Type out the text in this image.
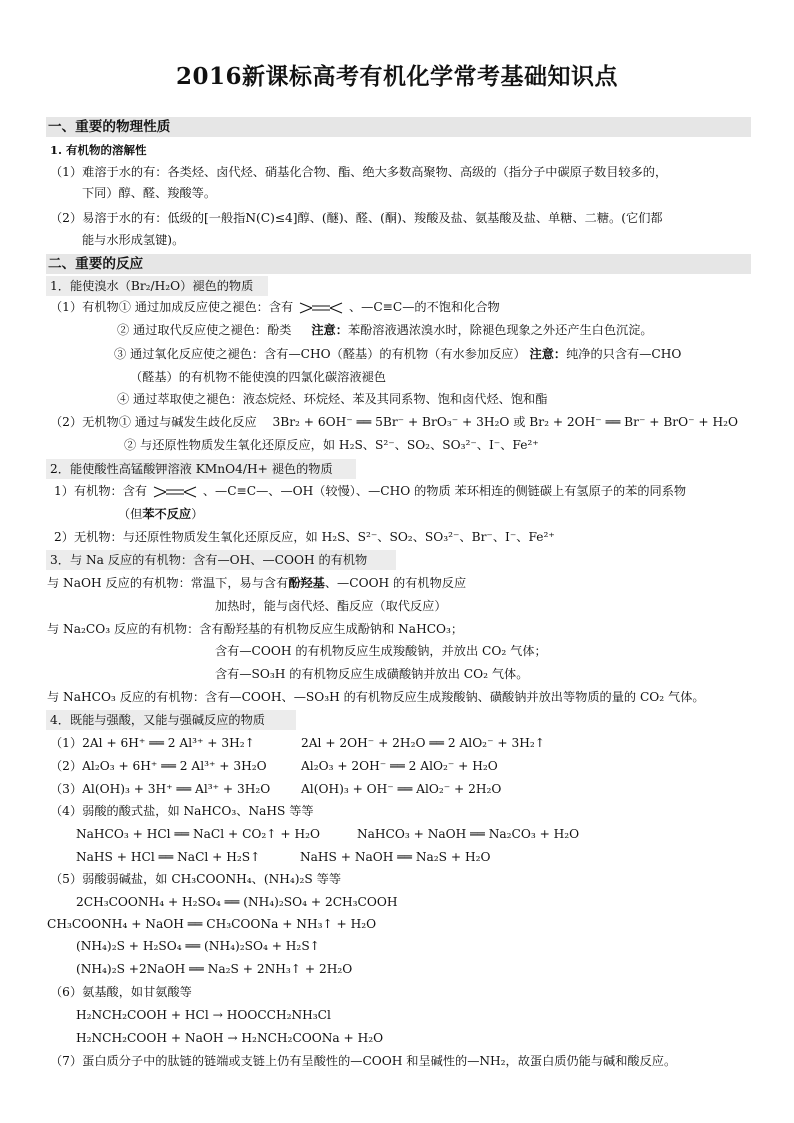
2016新课标高考有机化学常考基础知识点
一、重要的物理性质
1. 有机物的溶解性
（1）难溶于水的有：各类烃、卤代烃、硝基化合物、酯、绝大多数高聚物、高级的（指分子中碳原子数目较多的，
下同）醇、醛、羧酸等。
（2）易溶于水的有：低级的[一般指N(C)≤4]醇、(醚)、醛、(酮)、羧酸及盐、氨基酸及盐、单糖、二糖。(它们都
能与水形成氢键)。
二、重要的反应
1．能使溴水（Br₂/H₂O）褪色的物质
（1）有机物① 通过加成反应使之褪色：含有	、—C≡C—的不饱和化合物
② 通过取代反应使之褪色：酚类 注意：苯酚溶液遇浓溴水时，除褪色现象之外还产生白色沉淀。
③ 通过氧化反应使之褪色：含有—CHO（醛基）的有机物（有水参加反应） 注意：纯净的只含有—CHO
（醛基）的有机物不能使溴的四氯化碳溶液褪色
④ 通过萃取使之褪色：液态烷烃、环烷烃、苯及其同系物、饱和卤代烃、饱和酯
（2）无机物① 通过与碱发生歧化反应 3Br₂ + 6OH⁻ ══ 5Br⁻ + BrO₃⁻ + 3H₂O 或 Br₂ + 2OH⁻ ══ Br⁻ + BrO⁻ + H₂O
② 与还原性物质发生氧化还原反应，如 H₂S、S²⁻、SO₂、SO₃²⁻、I⁻、Fe²⁺
2．能使酸性高锰酸钾溶液 KMnO4/H+ 褪色的物质
1）有机物：含有	、—C≡C—、—OH（较慢）、—CHO 的物质 苯环相连的侧链碳上有氢原子的苯的同系物
（但苯不反应）
2）无机物：与还原性物质发生氧化还原反应，如 H₂S、S²⁻、SO₂、SO₃²⁻、Br⁻、I⁻、Fe²⁺
3．与 Na 反应的有机物：含有—OH、—COOH 的有机物
与 NaOH 反应的有机物：常温下，易与含有酚羟基、—COOH 的有机物反应
加热时，能与卤代烃、酯反应（取代反应）
与 Na₂CO₃ 反应的有机物：含有酚羟基的有机物反应生成酚钠和 NaHCO₃；
含有—COOH 的有机物反应生成羧酸钠，并放出 CO₂ 气体；
含有—SO₃H 的有机物反应生成磺酸钠并放出 CO₂ 气体。
与 NaHCO₃ 反应的有机物：含有—COOH、—SO₃H 的有机物反应生成羧酸钠、磺酸钠并放出等物质的量的 CO₂ 气体。
4．既能与强酸，又能与强碱反应的物质
（1）2Al + 6H⁺ ══ 2 Al³⁺ + 3H₂↑	2Al + 2OH⁻ + 2H₂O ══ 2 AlO₂⁻ + 3H₂↑
（2）Al₂O₃ + 6H⁺ ══ 2 Al³⁺ + 3H₂O	Al₂O₃ + 2OH⁻ ══ 2 AlO₂⁻ + H₂O
（3）Al(OH)₃ + 3H⁺ ══ Al³⁺ + 3H₂O	Al(OH)₃ + OH⁻ ══ AlO₂⁻ + 2H₂O
（4）弱酸的酸式盐，如 NaHCO₃、NaHS 等等
NaHCO₃ + HCl ══ NaCl + CO₂↑ + H₂O	NaHCO₃ + NaOH ══ Na₂CO₃ + H₂O
NaHS + HCl ══ NaCl + H₂S↑	NaHS + NaOH ══ Na₂S + H₂O
（5）弱酸弱碱盐，如 CH₃COONH₄、(NH₄)₂S 等等
2CH₃COONH₄ + H₂SO₄ ══ (NH₄)₂SO₄ + 2CH₃COOH
CH₃COONH₄ + NaOH ══ CH₃COONa + NH₃↑ + H₂O
(NH₄)₂S + H₂SO₄ ══ (NH₄)₂SO₄ + H₂S↑
(NH₄)₂S +2NaOH ══ Na₂S + 2NH₃↑ + 2H₂O
（6）氨基酸，如甘氨酸等
H₂NCH₂COOH + HCl → HOOCCH₂NH₃Cl
H₂NCH₂COOH + NaOH → H₂NCH₂COONa + H₂O
（7）蛋白质分子中的肽链的链端或支链上仍有呈酸性的—COOH 和呈碱性的—NH₂，故蛋白质仍能与碱和酸反应。
